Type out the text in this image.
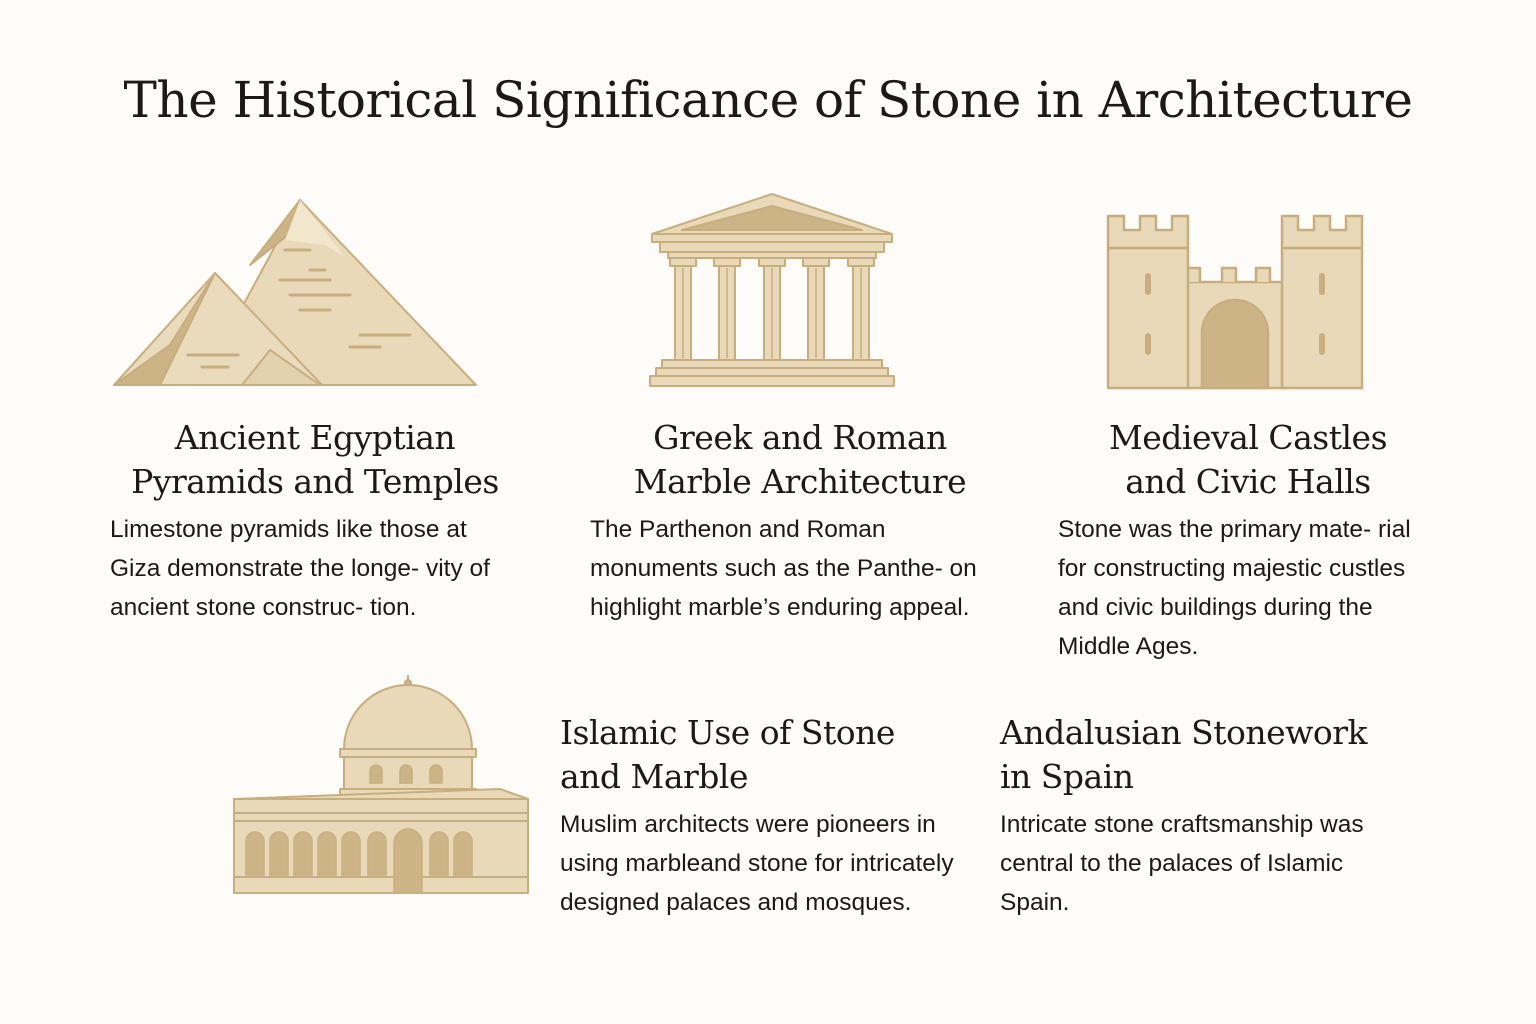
The Historical Significance of Stone in Architecture
Ancient Egyptian
Pyramids and Temples

Limestone pyramids like those at Giza demonstrate the longe- vity of ancient stone construc- tion.

Greek and Roman
Marble Architecture

The Parthenon and Roman monuments such as the Panthe- on highlight marble’s enduring appeal.

Medieval Castles
and Civic Halls

Stone was the primary mate- rial for constructing majestic custles and civic buildings during the Middle Ages.

Islamic Use of Stone
and Marble

Muslim architects were pioneers in using marbleand stone for intricately designed palaces and mosques.

Andalusian Stonework
in Spain

Intricate stone craftsmanship was central to the palaces of Islamic Spain.
